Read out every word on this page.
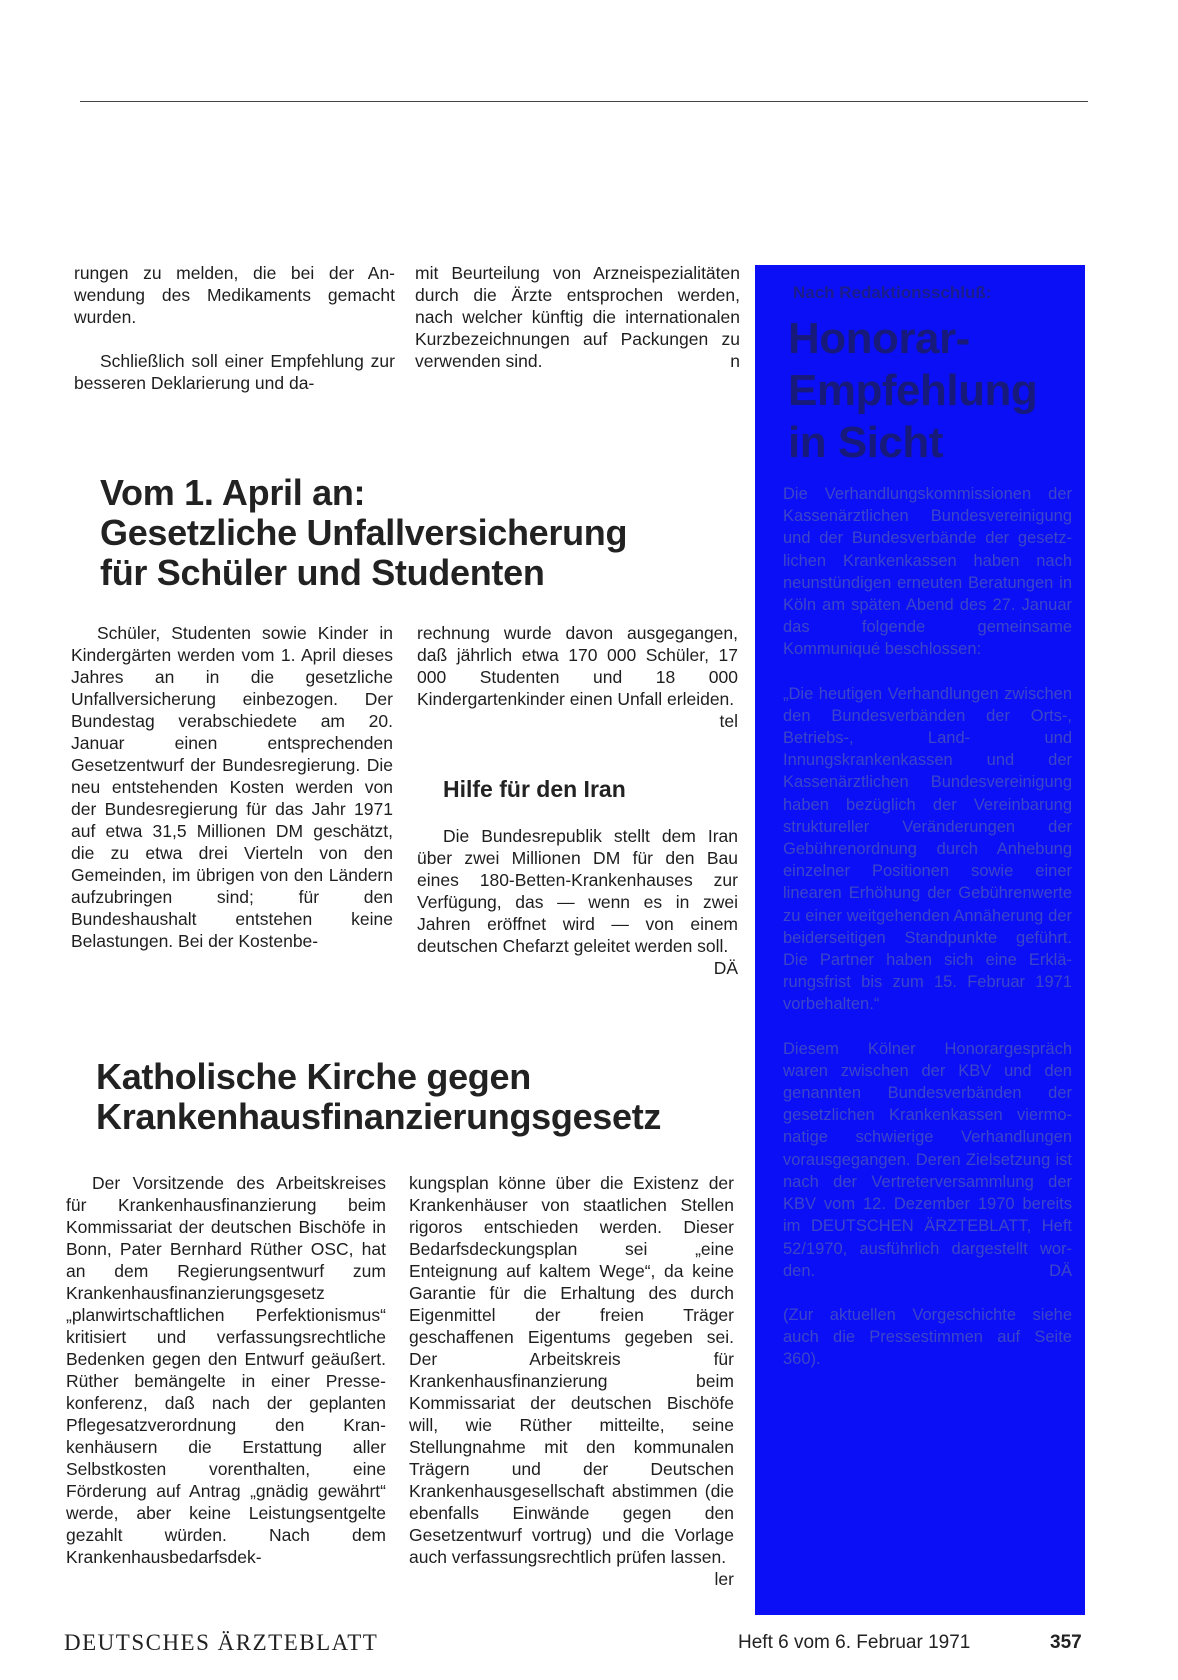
rungen zu melden, die bei der Anwendung des Medikaments gemacht wurden.

Schließlich soll einer Empfehlung zur besseren Deklarierung und da-

mit Beurteilung von Arzneispezialitäten durch die Ärzte entsprochen werden, nach welcher künftig die internationalen Kurzbezeichnungen auf Packungen zu verwenden sind.	n

Vom 1. April an:
Gesetzliche Unfallversicherung
für Schüler und Studenten

Schüler, Studenten sowie Kinder in Kindergärten werden vom 1. April dieses Jahres an in die gesetzliche Unfallversicherung einbezogen. Der Bundestag verabschiedete am 20. Januar einen entsprechenden Gesetzentwurf der Bundesregierung. Die neu entstehenden Kosten werden von der Bundesregierung für das Jahr 1971 auf etwa 31,5 Millionen DM geschätzt, die zu etwa drei Vierteln von den Gemeinden, im übrigen von den Ländern aufzubringen sind; für den Bundeshaushalt entstehen keine Belastungen. Bei der Kostenbe-

rechnung wurde davon ausgegangen, daß jährlich etwa 170 000 Schüler, 17 000 Studenten und 18 000 Kindergartenkinder einen Unfall erleiden.
tel

Hilfe für den Iran

Die Bundesrepublik stellt dem Iran über zwei Millionen DM für den Bau eines 180-Betten-Krankenhauses zur Verfügung, das — wenn es in zwei Jahren eröffnet wird — von einem deutschen Chefarzt geleitet werden soll.
DÄ

Katholische Kirche gegen
Krankenhausfinanzierungsgesetz

Der Vorsitzende des Arbeitskreises für Krankenhausfinanzierung beim Kommissariat der deutschen Bischöfe in Bonn, Pater Bernhard Rüther OSC, hat an dem Regierungsentwurf zum Krankenhausfinanzierungsgesetz „planwirtschaftlichen Perfektionismus“ kritisiert und verfassungsrechtliche Bedenken gegen den Entwurf geäußert. Rüther bemängelte in einer Pressekonferenz, daß nach der geplanten Pflegesatzverordnung den Krankenhäusern die Erstattung aller Selbstkosten vorenthalten, eine Förderung auf Antrag „gnädig gewährt“ werde, aber keine Leistungsentgelte gezahlt würden. Nach dem Krankenhausbedarfsdek-

kungsplan könne über die Existenz der Krankenhäuser von staatlichen Stellen rigoros entschieden werden. Dieser Bedarfsdeckungsplan sei „eine Enteignung auf kaltem Wege“, da keine Garantie für die Erhaltung des durch Eigenmittel der freien Träger geschaffenen Eigentums gegeben sei. Der Arbeitskreis für Krankenhausfinanzierung beim Kommissariat der deutschen Bischöfe will, wie Rüther mitteilte, seine Stellungnahme mit den kommunalen Trägern und der Deutschen Krankenhausgesellschaft abstimmen (die ebenfalls Einwände gegen den Gesetzentwurf vortrug) und die Vorlage auch verfassungsrechtlich prüfen lassen.
ler

Nach Redaktionsschluß:

Honorar-
Empfehlung
in Sicht

Die Verhandlungskommissionen der Kassenärztlichen Bundesvereinigung und der Bundesverbände der gesetzlichen Krankenkassen haben nach neunstündigen erneuten Beratungen in Köln am späten Abend des 27. Januar das folgende gemeinsame Kommuniqué beschlossen:

„Die heutigen Verhandlungen zwischen den Bundesverbänden der Orts-, Betriebs-, Land- und Innungskrankenkassen und der Kassenärztlichen Bundesvereinigung haben bezüglich der Vereinbarung struktureller Veränderungen der Gebührenordnung durch Anhebung einzelner Positionen sowie einer linearen Erhöhung der Gebührenwerte zu einer weitgehenden Annäherung der beiderseitigen Standpunkte geführt. Die Partner haben sich eine Erklärungsfrist bis zum 15. Februar 1971 vorbehalten.“

Diesem Kölner Honorargespräch waren zwischen der KBV und den genannten Bundesverbänden der gesetzlichen Krankenkassen viermonatige schwierige Verhandlungen vorausgegangen. Deren Zielsetzung ist nach der Vertreterversammlung der KBV vom 12. Dezember 1970 bereits im DEUTSCHEN ÄRZTEBLATT, Heft 52/1970, ausführlich dargestellt worden.	DÄ

(Zur aktuellen Vorgeschichte siehe auch die Pressestimmen auf Seite 360).

DEUTSCHES ÄRZTEBLATT	Heft 6 vom 6. Februar 1971	357
